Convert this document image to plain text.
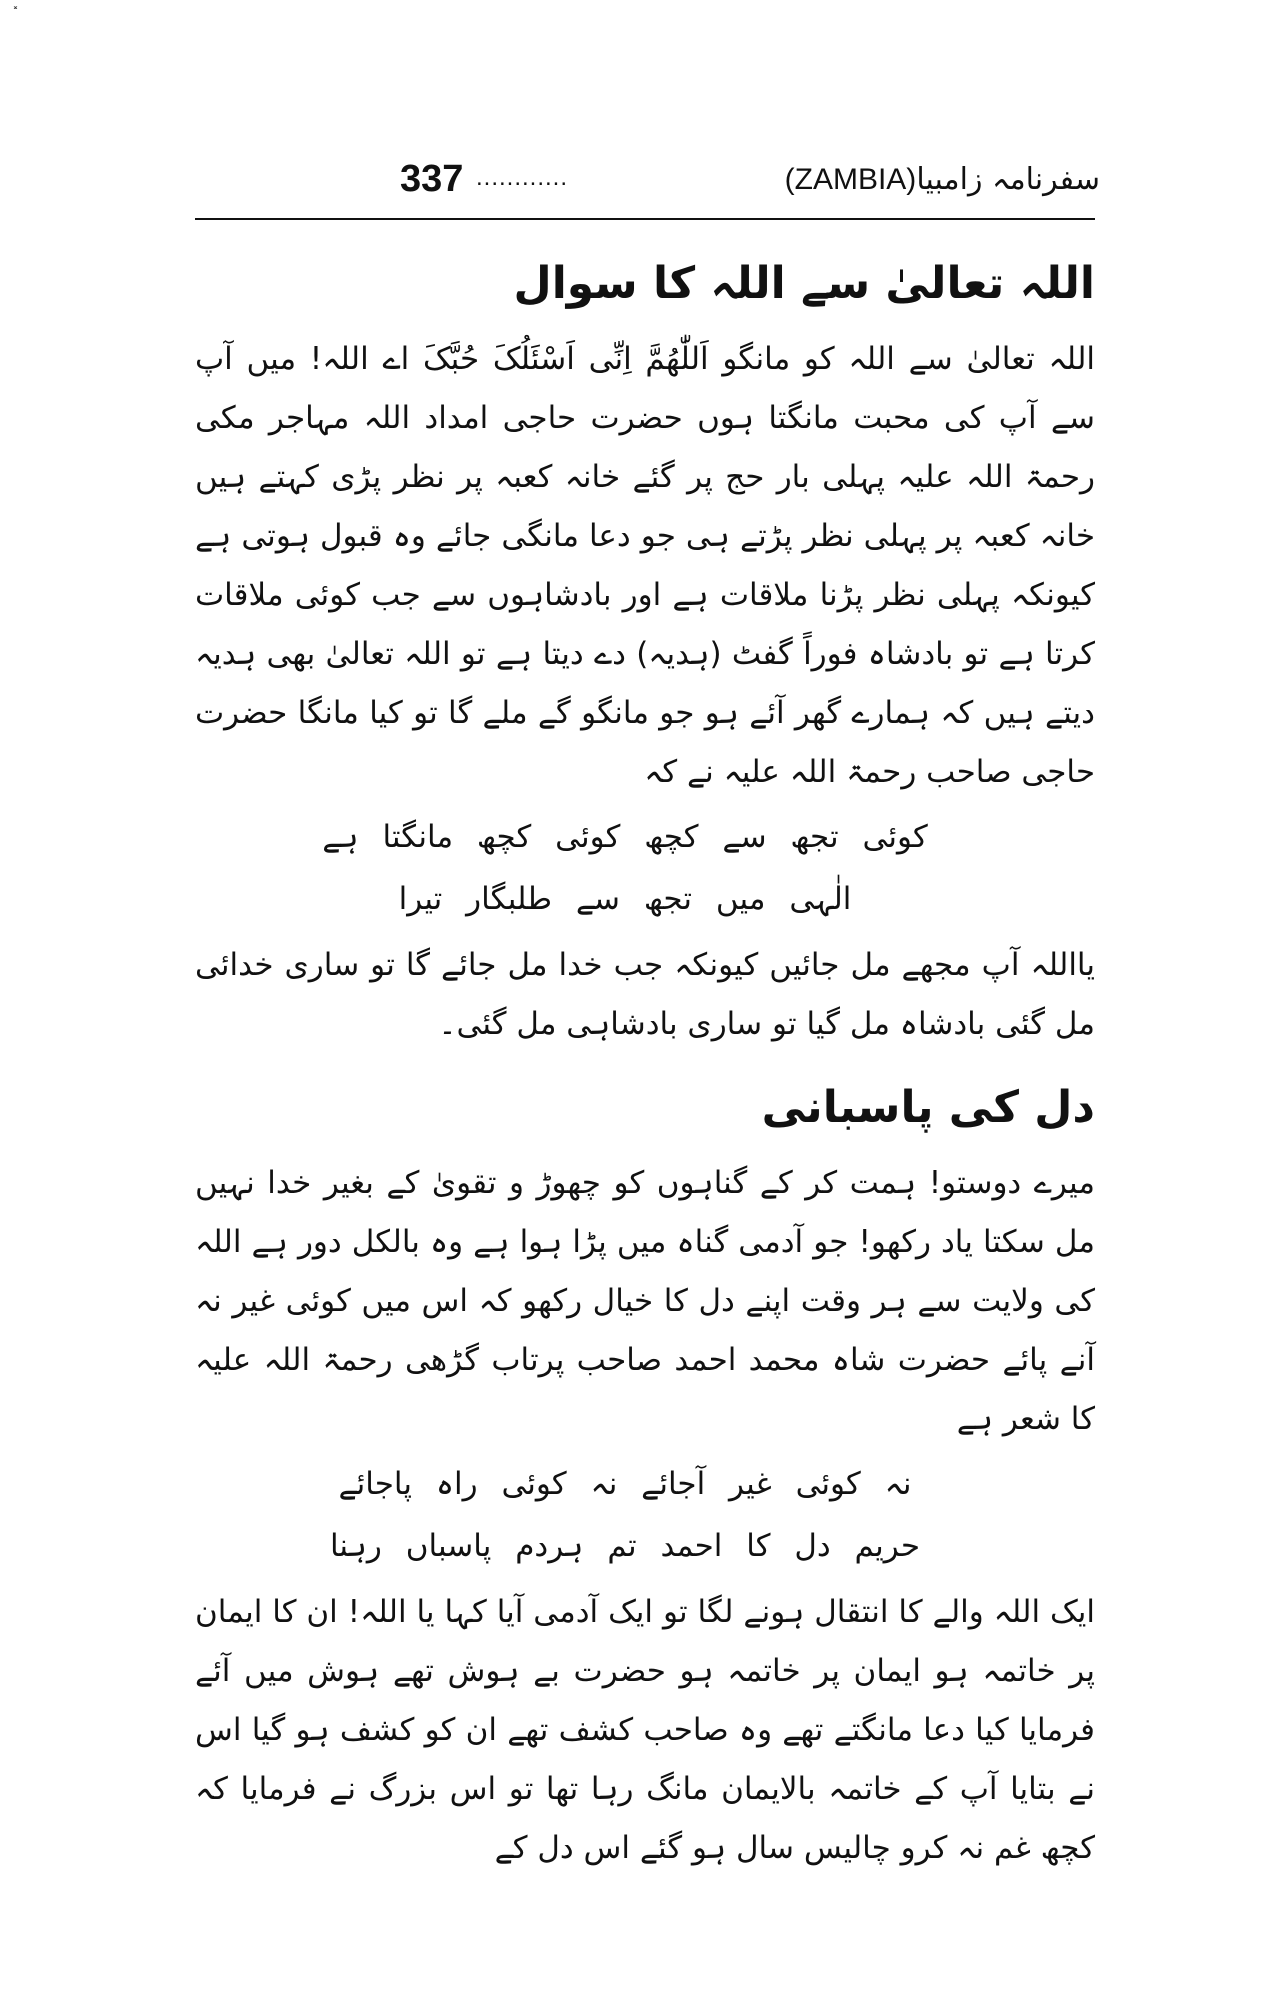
˟
337 ............	سفرنامہ زامبیا(ZAMBIA)
اللہ تعالیٰ سے اللہ کا سوال

اللہ تعالیٰ سے اللہ کو مانگو اَللّٰھُمَّ اِنِّی اَسْئَلُکَ حُبَّکَ اے اللہ! میں آپ سے آپ کی محبت مانگتا ہوں حضرت حاجی امداد اللہ مہاجر مکی رحمۃ اللہ علیہ پہلی بار حج پر گئے خانہ کعبہ پر نظر پڑی کہتے ہیں خانہ کعبہ پر پہلی نظر پڑتے ہی جو دعا مانگی جائے وہ قبول ہوتی ہے کیونکہ پہلی نظر پڑنا ملاقات ہے اور بادشاہوں سے جب کوئی ملاقات کرتا ہے تو بادشاہ فوراً گفٹ (ہدیہ) دے دیتا ہے تو اللہ تعالیٰ بھی ہدیہ دیتے ہیں کہ ہمارے گھر آئے ہو جو مانگو گے ملے گا تو کیا مانگا حضرت حاجی صاحب رحمۃ اللہ علیہ نے کہ

کوئی تجھ سے کچھ کوئی کچھ مانگتا ہے

الٰہی میں تجھ سے طلبگار تیرا

یااللہ آپ مجھے مل جائیں کیونکہ جب خدا مل جائے گا تو ساری خدائی مل گئی بادشاہ مل گیا تو ساری بادشاہی مل گئی۔

دل کی پاسبانی

میرے دوستو! ہمت کر کے گناہوں کو چھوڑ و تقویٰ کے بغیر خدا نہیں مل سکتا یاد رکھو! جو آدمی گناہ میں پڑا ہوا ہے وہ بالکل دور ہے اللہ کی ولایت سے ہر وقت اپنے دل کا خیال رکھو کہ اس میں کوئی غیر نہ آنے پائے حضرت شاہ محمد احمد صاحب پرتاب گڑھی رحمۃ اللہ علیہ کا شعر ہے

نہ کوئی غیر آجائے نہ کوئی راہ پاجائے

حریم دل کا احمد تم ہردم پاسباں رہنا

ایک اللہ والے کا انتقال ہونے لگا تو ایک آدمی آیا کہا یا اللہ! ان کا ایمان پر خاتمہ ہو ایمان پر خاتمہ ہو حضرت بے ہوش تھے ہوش میں آئے فرمایا کیا دعا مانگتے تھے وہ صاحب کشف تھے ان کو کشف ہو گیا اس نے بتایا آپ کے خاتمہ بالایمان مانگ رہا تھا تو اس بزرگ نے فرمایا کہ کچھ غم نہ کرو چالیس سال ہو گئے اس دل کے
